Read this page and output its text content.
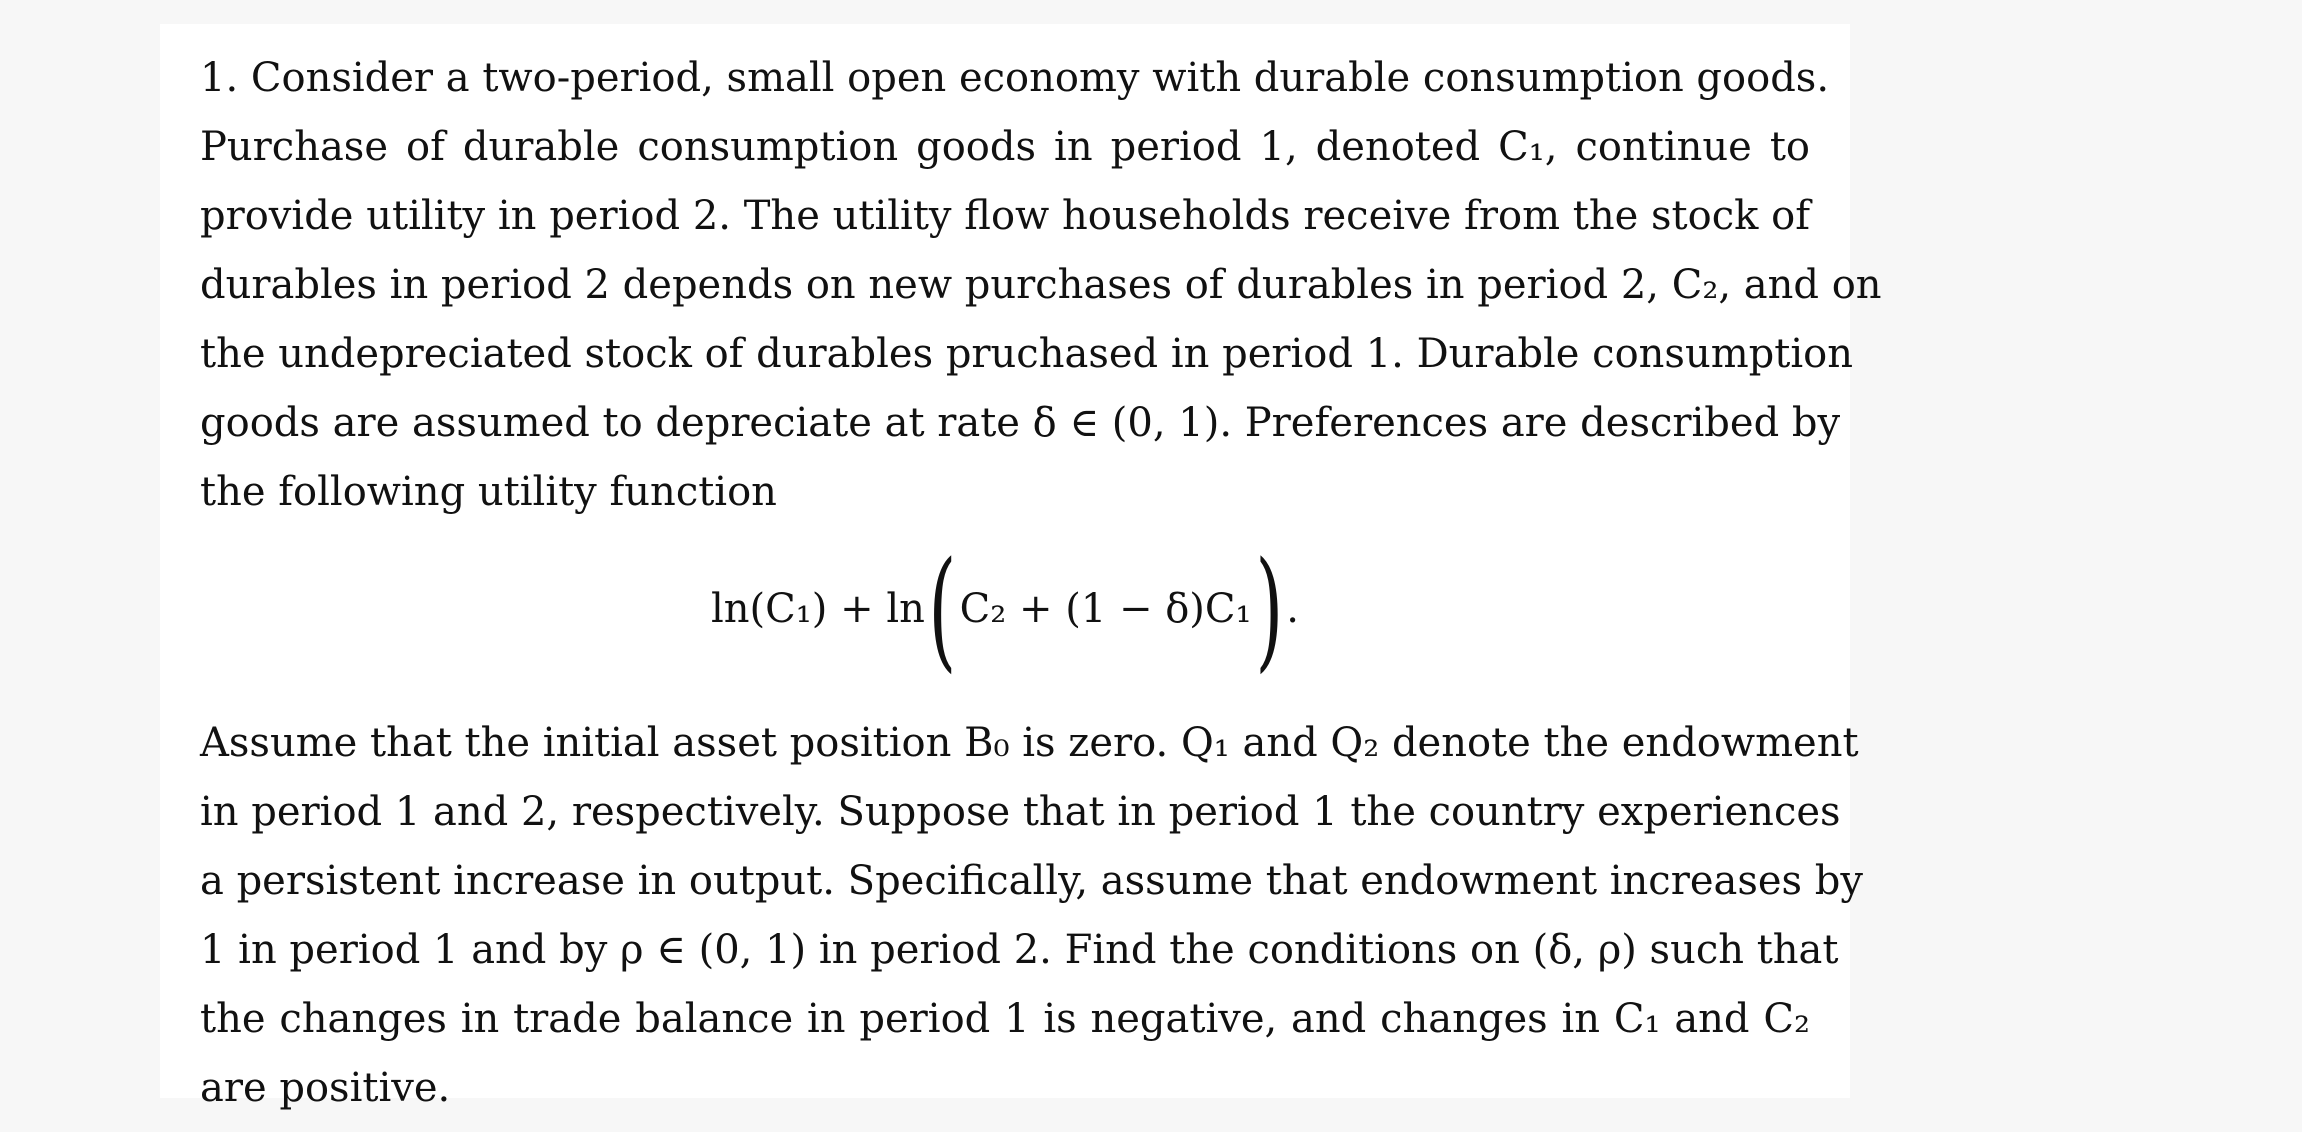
1. Consider a two-period, small open economy with durable consumption goods.
Purchase of durable consumption goods in period 1, denoted C₁, continue to
provide utility in period 2. The utility flow households receive from the stock of
durables in period 2 depends on new purchases of durables in period 2, C₂, and on
the undepreciated stock of durables pruchased in period 1. Durable consumption
goods are assumed to depreciate at rate δ ∈ (0, 1). Preferences are described by
the following utility function
ln(C₁) + ln ( C₂ + (1 − δ)C₁ ) .
Assume that the initial asset position B₀ is zero. Q₁ and Q₂ denote the endowment
in period 1 and 2, respectively. Suppose that in period 1 the country experiences
a persistent increase in output. Specifically, assume that endowment increases by
1 in period 1 and by ρ ∈ (0, 1) in period 2. Find the conditions on (δ, ρ) such that
the changes in trade balance in period 1 is negative, and changes in C₁ and C₂
are positive.
